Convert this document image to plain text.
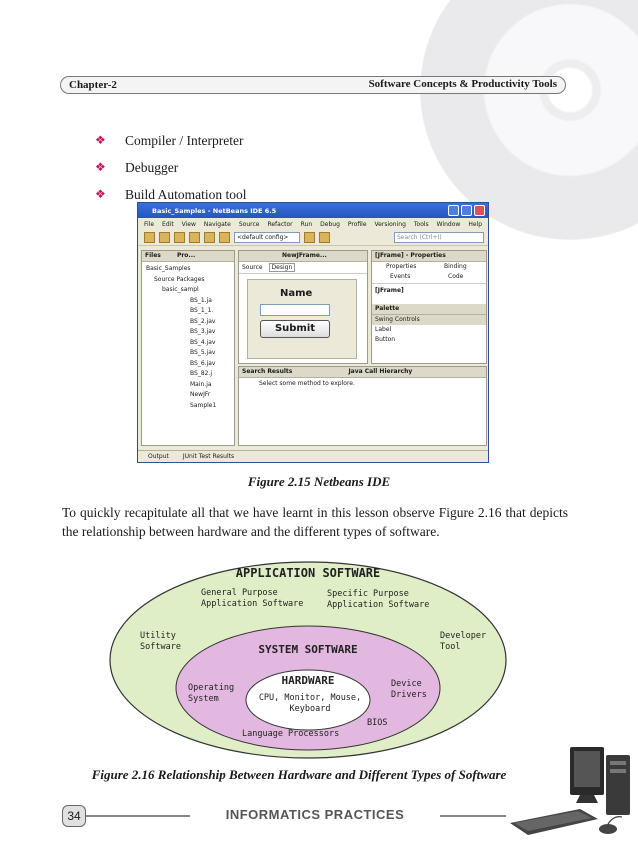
Chapter-2	Software Concepts & Productivity Tools
❖	Compiler / Interpreter
❖	Debugger
❖	Build Automation tool
Basic_Samples - NetBeans IDE 6.5
File Edit View Navigate Source Refactor Run Debug Profile Versioning Tools Window Help
<default config>	Search (Ctrl+I)
Files	Pro...
Basic_Samples
Source Packages
basic_sampl
BS_1.ja
BS_1_1.
BS_2.jav
BS_3.jav
BS_4.jav
BS_5.jav
BS_6.jav
BS_82.j
Main.ja
NewJFr
Sample1
NewJFrame...
Source Design
Name
Submit
[JFrame] - Properties
Properties	Binding
Events	Code
[JFrame]
Palette
Swing Controls
Label
Button
Search Results	Java Call Hierarchy
Select some method to explore.
Output JUnit Test Results
Figure 2.15 Netbeans IDE

To quickly recapitulate all that we have learnt in this lesson observe Figure 2.16 that depicts the relationship between hardware and the different types of software.

APPLICATION SOFTWARE
General Purpose
Application Software
Specific Purpose
Application Software
Utility
Software
Developer
Tool
SYSTEM SOFTWARE
HARDWARE
CPU, Monitor, Mouse,
Keyboard
Operating
System
Device
Drivers
BIOS
Language Processors
Figure 2.16 Relationship Between Hardware and Different Types of Software
34	INFORMATICS PRACTICES
